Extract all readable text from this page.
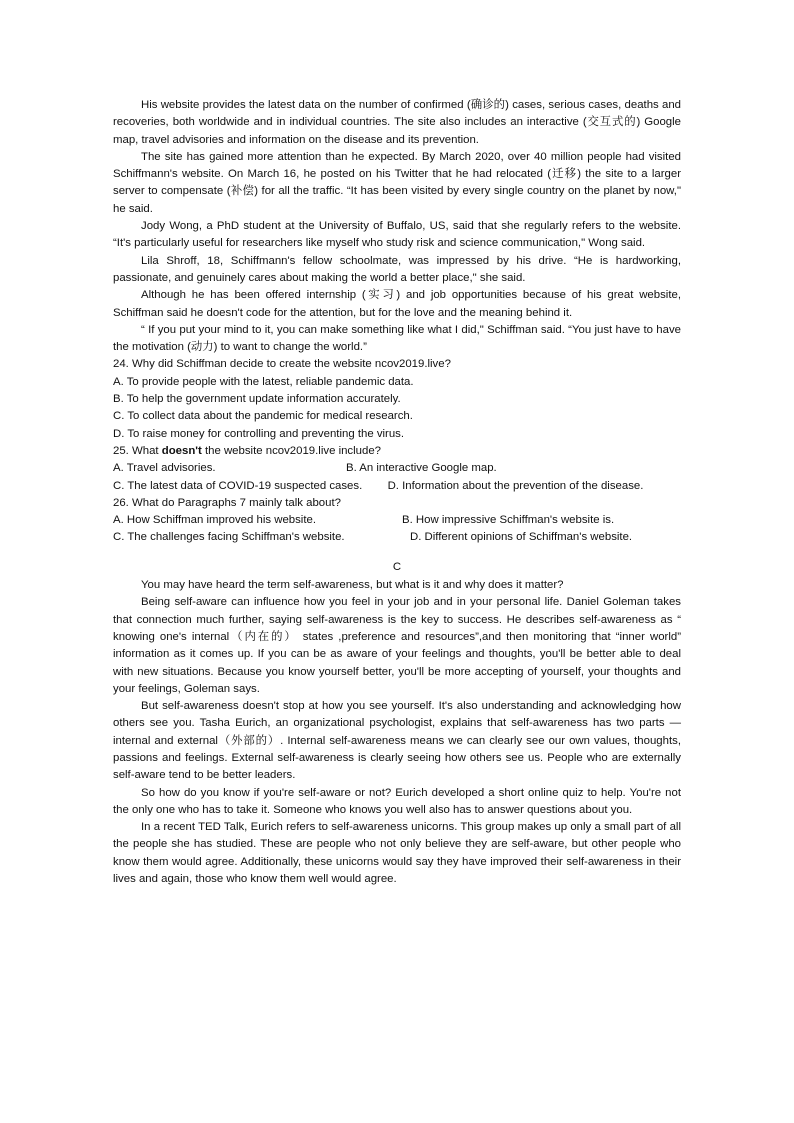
His website provides the latest data on the number of confirmed (确诊的) cases, serious cases, deaths and recoveries, both worldwide and in individual countries. The site also includes an interactive (交互式的) Google map, travel advisories and information on the disease and its prevention.

The site has gained more attention than he expected. By March 2020, over 40 million people had visited Schiffmann's website. On March 16, he posted on his Twitter that he had relocated (迁移) the site to a larger server to compensate (补偿) for all the traffic. “It has been visited by every single country on the planet by now," he said.

Jody Wong, a PhD student at the University of Buffalo, US, said that she regularly refers to the website. “It's particularly useful for researchers like myself who study risk and science communication," Wong said.

Lila Shroff, 18, Schiffmann's fellow schoolmate, was impressed by his drive. “He is hardworking, passionate, and genuinely cares about making the world a better place," she said.

Although he has been offered internship (实习) and job opportunities because of his great website, Schiffman said he doesn't code for the attention, but for the love and the meaning behind it.

“ If you put your mind to it, you can make something like what I did," Schiffman said. “You just have to have the motivation (动力) to want to change the world.”

24. Why did Schiffman decide to create the website ncov2019.live?

A. To provide people with the latest, reliable pandemic data.

B. To help the government update information accurately.

C. To collect data about the pandemic for medical research.

D. To raise money for controlling and preventing the virus.

25. What doesn't the website ncov2019.live include?

A. Travel advisories.	B. An interactive Google map.

C. The latest data of COVID-19 suspected cases. D. Information about the prevention of the disease.

26. What do Paragraphs 7 mainly talk about?

A. How Schiffman improved his website.	B. How impressive Schiffman's website is.
C. The challenges facing Schiffman's website.	D. Different opinions of Schiffman's website.

C

You may have heard the term self-awareness, but what is it and why does it matter?

Being self-aware can influence how you feel in your job and in your personal life. Daniel Goleman takes that connection much further, saying self-awareness is the key to success. He describes self-awareness as “ knowing one's internal（内在的） states ,preference and resources”,and then monitoring that “inner world” information as it comes up. If you can be as aware of your feelings and thoughts, you'll be better able to deal with new situations. Because you know yourself better, you'll be more accepting of yourself, your thoughts and your feelings, Goleman says.

But self-awareness doesn't stop at how you see yourself. It's also understanding and acknowledging how others see you. Tasha Eurich, an organizational psychologist, explains that self-awareness has two parts — internal and external（外部的）. Internal self-awareness means we can clearly see our own values, thoughts, passions and feelings. External self-awareness is clearly seeing how others see us. People who are externally self-aware tend to be better leaders.

So how do you know if you're self-aware or not? Eurich developed a short online quiz to help. You're not the only one who has to take it. Someone who knows you well also has to answer questions about you.

In a recent TED Talk, Eurich refers to self-awareness unicorns. This group makes up only a small part of all the people she has studied. These are people who not only believe they are self-aware, but other people who know them would agree. Additionally, these unicorns would say they have improved their self-awareness in their lives and again, those who know them well would agree.
